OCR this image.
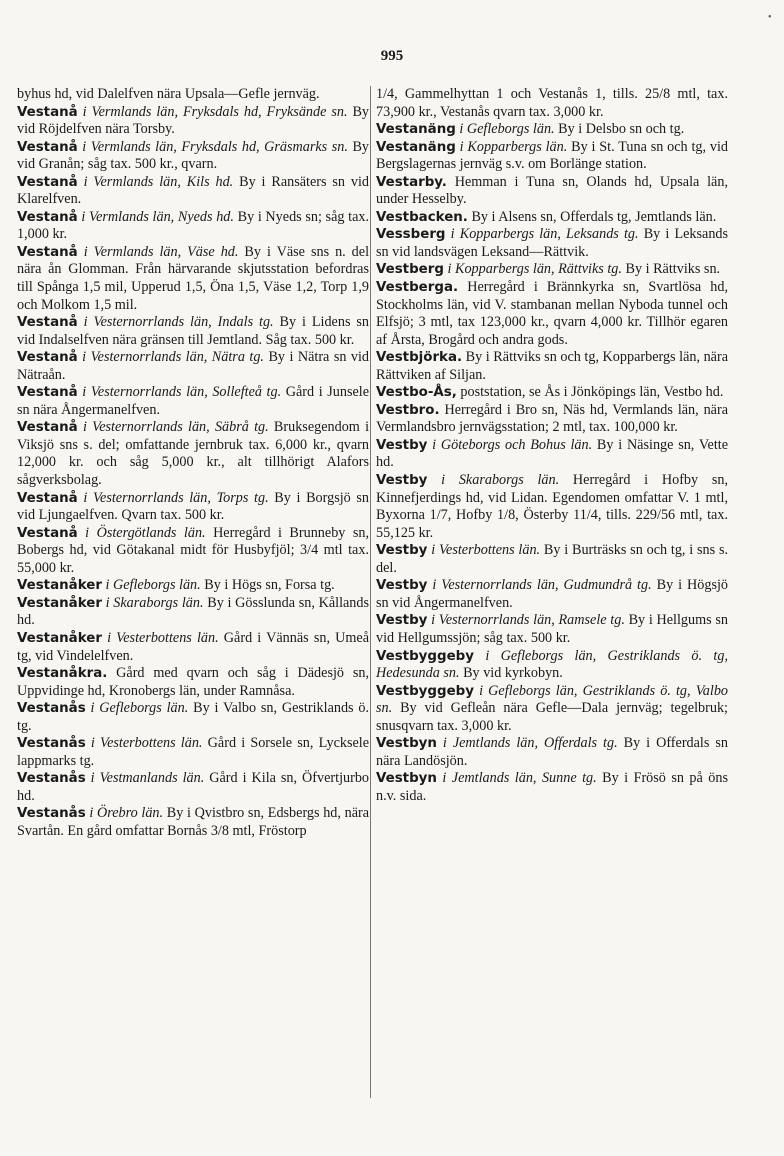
995
•

byhus hd, vid Dalelfven nära Upsala—Gefle jernväg.

Vestanå i Vermlands län, Fryksdals hd, Fryksände sn. By vid Röjdelfven nära Torsby.

Vestanå i Vermlands län, Fryksdals hd, Gräsmarks sn. By vid Granån; såg tax. 500 kr., qvarn.

Vestanå i Vermlands län, Kils hd. By i Ransäters sn vid Klarelfven.

Vestanå i Vermlands län, Nyeds hd. By i Nyeds sn; såg tax. 1,000 kr.

Vestanå i Vermlands län, Väse hd. By i Väse sns n. del nära ån Glomman. Från härvarande skjutsstation befordras till Spånga 1,5 mil, Upperud 1,5, Öna 1,5, Väse 1,2, Torp 1,9 och Molkom 1,5 mil.

Vestanå i Vesternorrlands län, Indals tg. By i Lidens sn vid Indalselfven nära gränsen till Jemtland. Såg tax. 500 kr.

Vestanå i Vesternorrlands län, Nätra tg. By i Nätra sn vid Nätraån.

Vestanå i Vesternorrlands län, Sollefteå tg. Gård i Junsele sn nära Ångermanelfven.

Vestanå i Vesternorrlands län, Säbrå tg. Bruksegendom i Viksjö sns s. del; omfattande jernbruk tax. 6,000 kr., qvarn 12,000 kr. och såg 5,000 kr., alt tillhörigt Alafors sågverksbolag.

Vestanå i Vesternorrlands län, Torps tg. By i Borgsjö sn vid Ljungaelfven. Qvarn tax. 500 kr.

Vestanå i Östergötlands län. Herregård i Brunneby sn, Bobergs hd, vid Götakanal midt för Husbyfjöl; 3/4 mtl tax. 55,000 kr.

Vestanåker i Gefleborgs län. By i Högs sn, Forsa tg.

Vestanåker i Skaraborgs län. By i Gösslunda sn, Kållands hd.

Vestanåker i Vesterbottens län. Gård i Vännäs sn, Umeå tg, vid Vindelelfven.

Vestanåkra. Gård med qvarn och såg i Dädesjö sn, Uppvidinge hd, Kronobergs län, under Ramnåsa.

Vestanås i Gefleborgs län. By i Valbo sn, Gestriklands ö. tg.

Vestanås i Vesterbottens län. Gård i Sorsele sn, Lycksele lappmarks tg.

Vestanås i Vestmanlands län. Gård i Kila sn, Öfvertjurbo hd.

Vestanås i Örebro län. By i Qvistbro sn, Edsbergs hd, nära Svartån. En gård omfattar Bornås 3/8 mtl, Fröstorp

1/4, Gammelhyttan 1 och Vestanås 1, tills. 25/8 mtl, tax. 73,900 kr., Vestanås qvarn tax. 3,000 kr.

Vestanäng i Gefleborgs län. By i Delsbo sn och tg.

Vestanäng i Kopparbergs län. By i St. Tuna sn och tg, vid Bergslagernas jernväg s.v. om Borlänge station.

Vestarby. Hemman i Tuna sn, Olands hd, Upsala län, under Hesselby.

Vestbacken. By i Alsens sn, Offerdals tg, Jemtlands län.

Vessberg i Kopparbergs län, Leksands tg. By i Leksands sn vid landsvägen Leksand—Rättvik.

Vestberg i Kopparbergs län, Rättviks tg. By i Rättviks sn.

Vestberga. Herregård i Brännkyrka sn, Svartlösa hd, Stockholms län, vid V. stambanan mellan Nyboda tunnel och Elfsjö; 3 mtl, tax 123,000 kr., qvarn 4,000 kr. Tillhör egaren af Årsta, Brogård och andra gods.

Vestbjörka. By i Rättviks sn och tg, Kopparbergs län, nära Rättviken af Siljan.

Vestbo-Ås, poststation, se Ås i Jönköpings län, Vestbo hd.

Vestbro. Herregård i Bro sn, Näs hd, Vermlands län, nära Vermlandsbro jernvägsstation; 2 mtl, tax. 100,000 kr.

Vestby i Göteborgs och Bohus län. By i Näsinge sn, Vette hd.

Vestby i Skaraborgs län. Herregård i Hofby sn, Kinnefjerdings hd, vid Lidan. Egendomen omfattar V. 1 mtl, Byxorna 1/7, Hofby 1/8, Österby 11/4, tills. 229/56 mtl, tax. 55,125 kr.

Vestby i Vesterbottens län. By i Burträsks sn och tg, i sns s. del.

Vestby i Vesternorrlands län, Gudmundrå tg. By i Högsjö sn vid Ångermanelfven.

Vestby i Vesternorrlands län, Ramsele tg. By i Hellgums sn vid Hellgumssjön; såg tax. 500 kr.

Vestbyggeby i Gefleborgs län, Gestriklands ö. tg, Hedesunda sn. By vid kyrkobyn.

Vestbyggeby i Gefleborgs län, Gestriklands ö. tg, Valbo sn. By vid Gefleån nära Gefle—Dala jernväg; tegelbruk; snusqvarn tax. 3,000 kr.

Vestbyn i Jemtlands län, Offerdals tg. By i Offerdals sn nära Landösjön.

Vestbyn i Jemtlands län, Sunne tg. By i Frösö sn på öns n.v. sida.
